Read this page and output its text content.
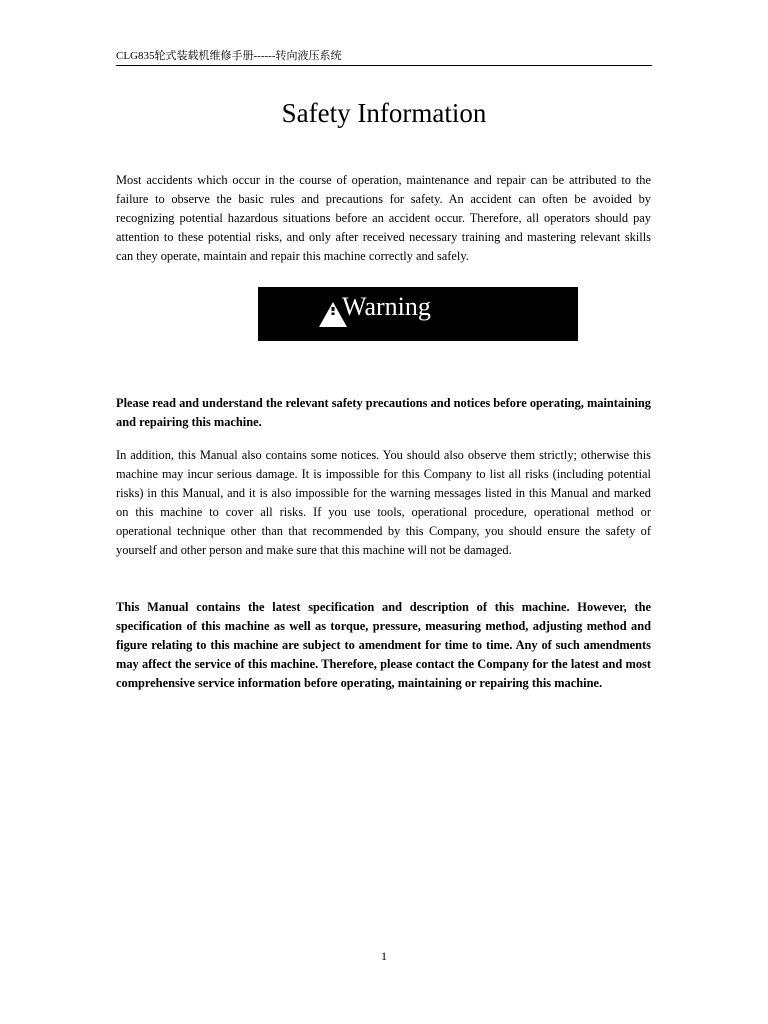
CLG835轮式装载机维修手册------转向液压系统
Safety Information

Most accidents which occur in the course of operation, maintenance and repair can be attributed to the failure to observe the basic rules and precautions for safety. An accident can often be avoided by recognizing potential hazardous situations before an accident occur. Therefore, all operators should pay attention to these potential risks, and only after received necessary training and mastering relevant skills can they operate, maintain and repair this machine correctly and safely.

Warning

Please read and understand the relevant safety precautions and notices before operating, maintaining and repairing this machine.

In addition, this Manual also contains some notices. You should also observe them strictly; otherwise this machine may incur serious damage. It is impossible for this Company to list all risks (including potential risks) in this Manual, and it is also impossible for the warning messages listed in this Manual and marked on this machine to cover all risks. If you use tools, operational procedure, operational method or operational technique other than that recommended by this Company, you should ensure the safety of yourself and other person and make sure that this machine will not be damaged.

This Manual contains the latest specification and description of this machine. However, the specification of this machine as well as torque, pressure, measuring method, adjusting method and figure relating to this machine are subject to amendment for time to time. Any of such amendments may affect the service of this machine. Therefore, please contact the Company for the latest and most comprehensive service information before operating, maintaining or repairing this machine.

1
